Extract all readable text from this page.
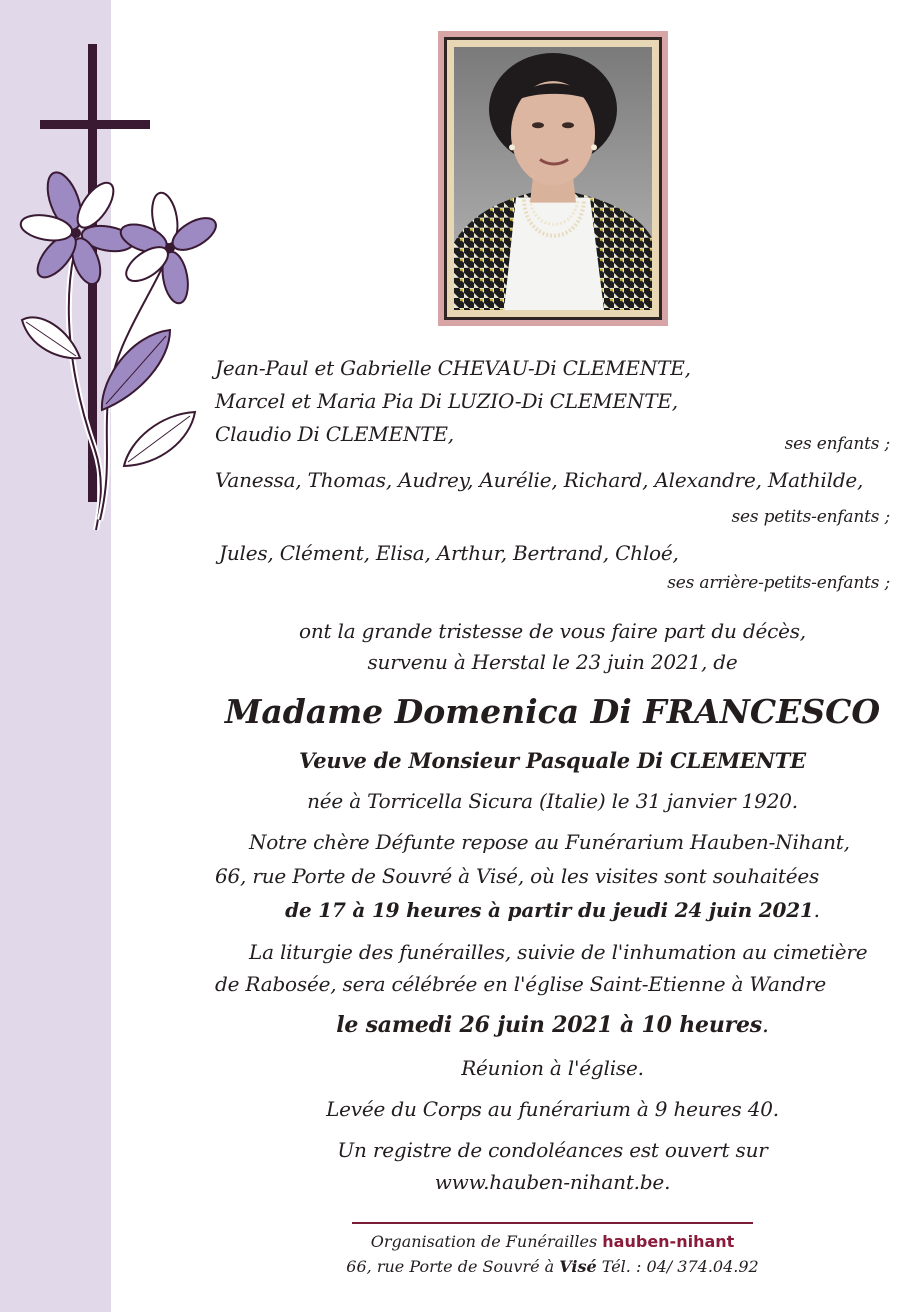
Jean-Paul et Gabrielle CHEVAU-Di CLEMENTE,
Marcel et Maria Pia Di LUZIO-Di CLEMENTE,
Claudio Di CLEMENTE,	ses enfants ;
Vanessa, Thomas, Audrey, Aurélie, Richard, Alexandre, Mathilde,
ses petits-enfants ;
Jules, Clément, Elisa, Arthur, Bertrand, Chloé,
ses arrière-petits-enfants ;
ont la grande tristesse de vous faire part du décès,
survenu à Herstal le 23 juin 2021, de
Madame Domenica Di FRANCESCO
Veuve de Monsieur Pasquale Di CLEMENTE
née à Torricella Sicura (Italie) le 31 janvier 1920.
Notre chère Défunte repose au Funérarium Hauben-Nihant,
66, rue Porte de Souvré à Visé, où les visites sont souhaitées
de 17 à 19 heures à partir du jeudi 24 juin 2021.
La liturgie des funérailles, suivie de l'inhumation au cimetière
de Rabosée, sera célébrée en l'église Saint-Etienne à Wandre
le samedi 26 juin 2021 à 10 heures.
Réunion à l'église.
Levée du Corps au funérarium à 9 heures 40.
Un registre de condoléances est ouvert sur
www.hauben-nihant.be.
Organisation de Funérailles hauben-nihant
66, rue Porte de Souvré à Visé Tél. : 04/ 374.04.92
